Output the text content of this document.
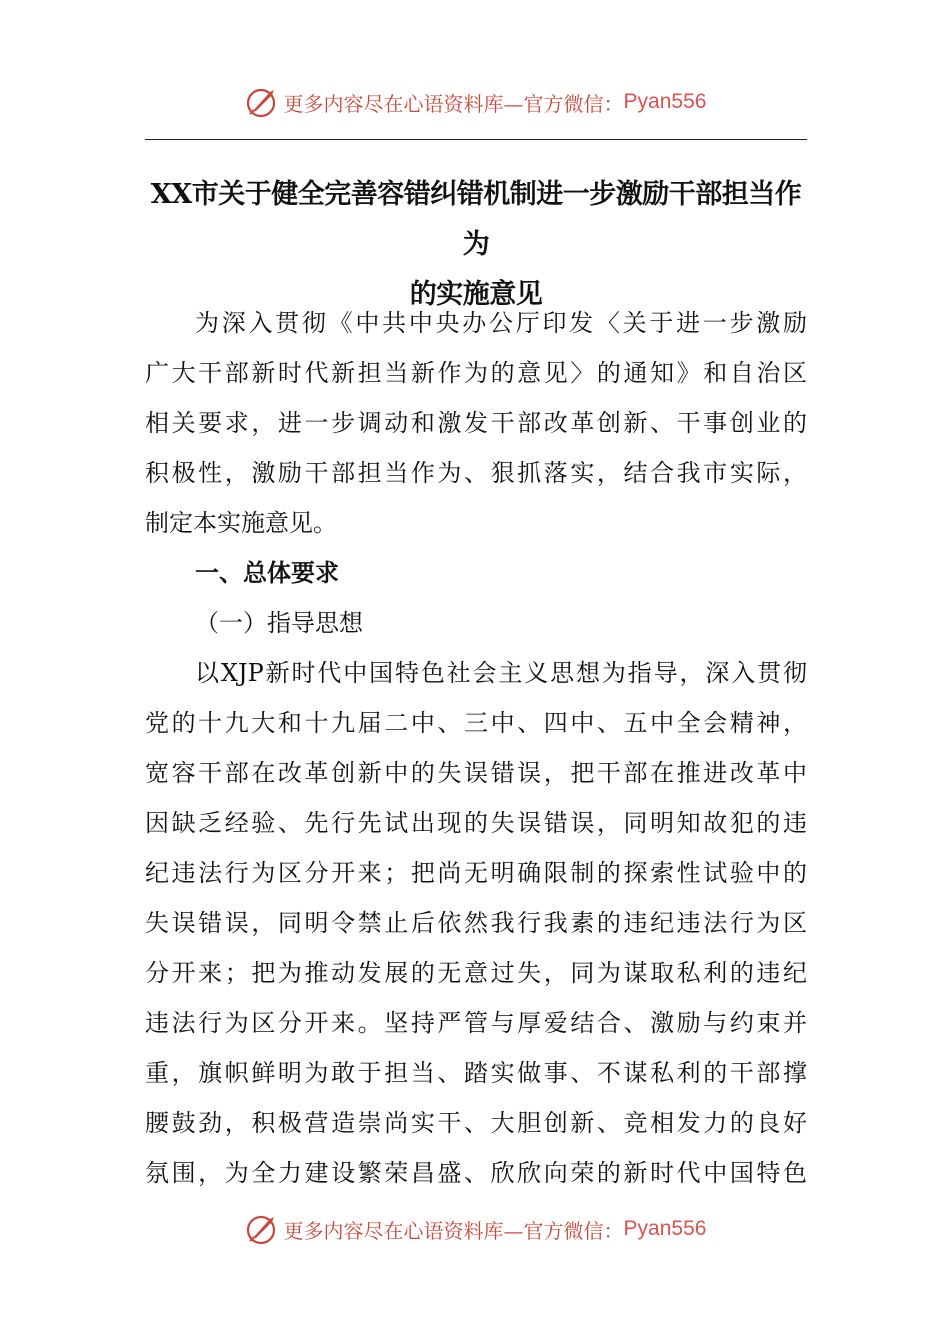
更多内容尽在心语资料库—官方微信： Pyan556
XX市关于健全完善容错纠错机制进一步激励干部担当作为
的实施意见
为深入贯彻《中共中央办公厅印发〈关于进一步激励
广大干部新时代新担当新作为的意见〉的通知》和自治区
相关要求，进一步调动和激发干部改革创新、干事创业的
积极性，激励干部担当作为、狠抓落实，结合我市实际，
制定本实施意见。
一、总体要求
（一）指导思想
以XJP新时代中国特色社会主义思想为指导，深入贯彻
党的十九大和十九届二中、三中、四中、五中全会精神，
宽容干部在改革创新中的失误错误，把干部在推进改革中
因缺乏经验、先行先试出现的失误错误，同明知故犯的违
纪违法行为区分开来；把尚无明确限制的探索性试验中的
失误错误，同明令禁止后依然我行我素的违纪违法行为区
分开来；把为推动发展的无意过失，同为谋取私利的违纪
违法行为区分开来。坚持严管与厚爱结合、激励与约束并
重，旗帜鲜明为敢于担当、踏实做事、不谋私利的干部撑
腰鼓劲，积极营造崇尚实干、大胆创新、竞相发力的良好
氛围，为全力建设繁荣昌盛、欣欣向荣的新时代中国特色
更多内容尽在心语资料库—官方微信： Pyan556
